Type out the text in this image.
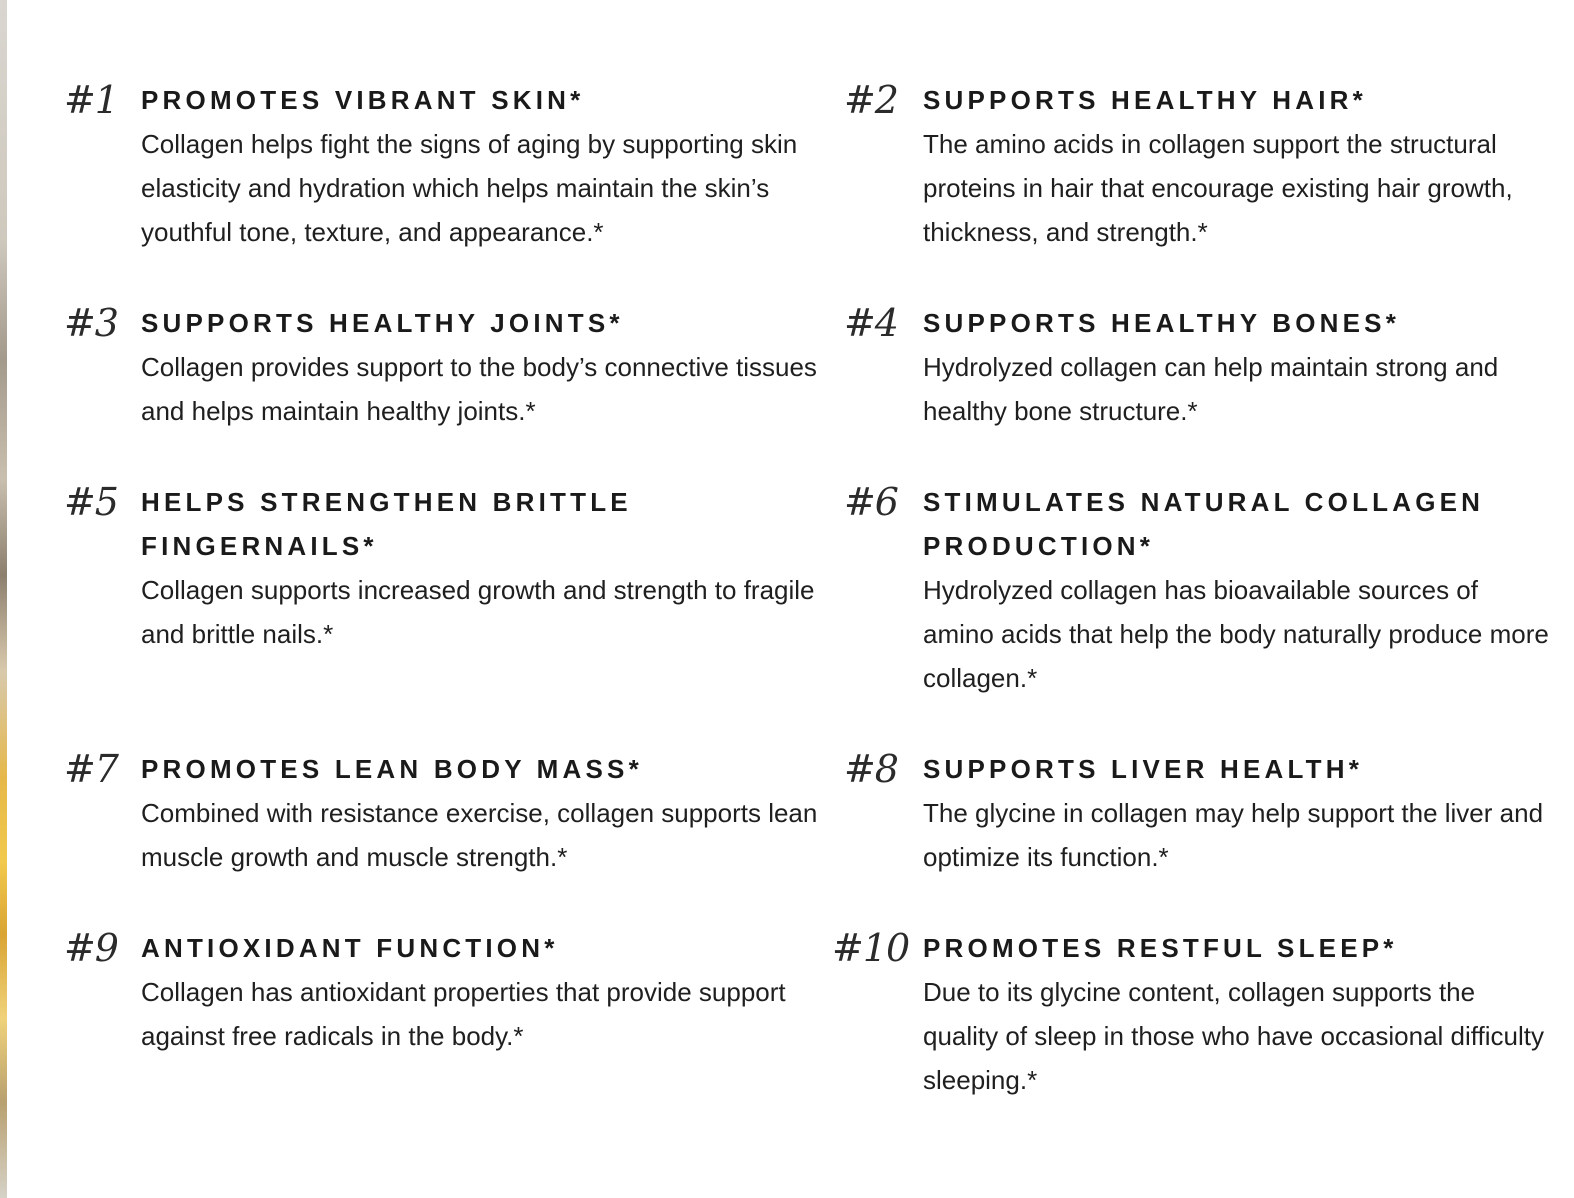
#1 PROMOTES VIBRANT SKIN*
Collagen helps fight the signs of aging by supporting skin elasticity and hydration which helps maintain the skin’s youthful tone, texture, and appearance.*
#2 SUPPORTS HEALTHY HAIR*
The amino acids in collagen support the structural proteins in hair that encourage existing hair growth, thickness, and strength.*
#3 SUPPORTS HEALTHY JOINTS*
Collagen provides support to the body’s connective tissues and helps maintain healthy joints.*
#4 SUPPORTS HEALTHY BONES*
Hydrolyzed collagen can help maintain strong and healthy bone structure.*
#5 HELPS STRENGTHEN BRITTLE FINGERNAILS*
Collagen supports increased growth and strength to fragile and brittle nails.*
#6 STIMULATES NATURAL COLLAGEN PRODUCTION*
Hydrolyzed collagen has bioavailable sources of amino acids that help the body naturally produce more collagen.*
#7 PROMOTES LEAN BODY MASS*
Combined with resistance exercise, collagen supports lean muscle growth and muscle strength.*
#8 SUPPORTS LIVER HEALTH*
The glycine in collagen may help support the liver and optimize its function.*
#9 ANTIOXIDANT FUNCTION*
Collagen has antioxidant properties that provide support against free radicals in the body.*
#10 PROMOTES RESTFUL SLEEP*
Due to its glycine content, collagen supports the quality of sleep in those who have occasional difficulty sleeping.*
